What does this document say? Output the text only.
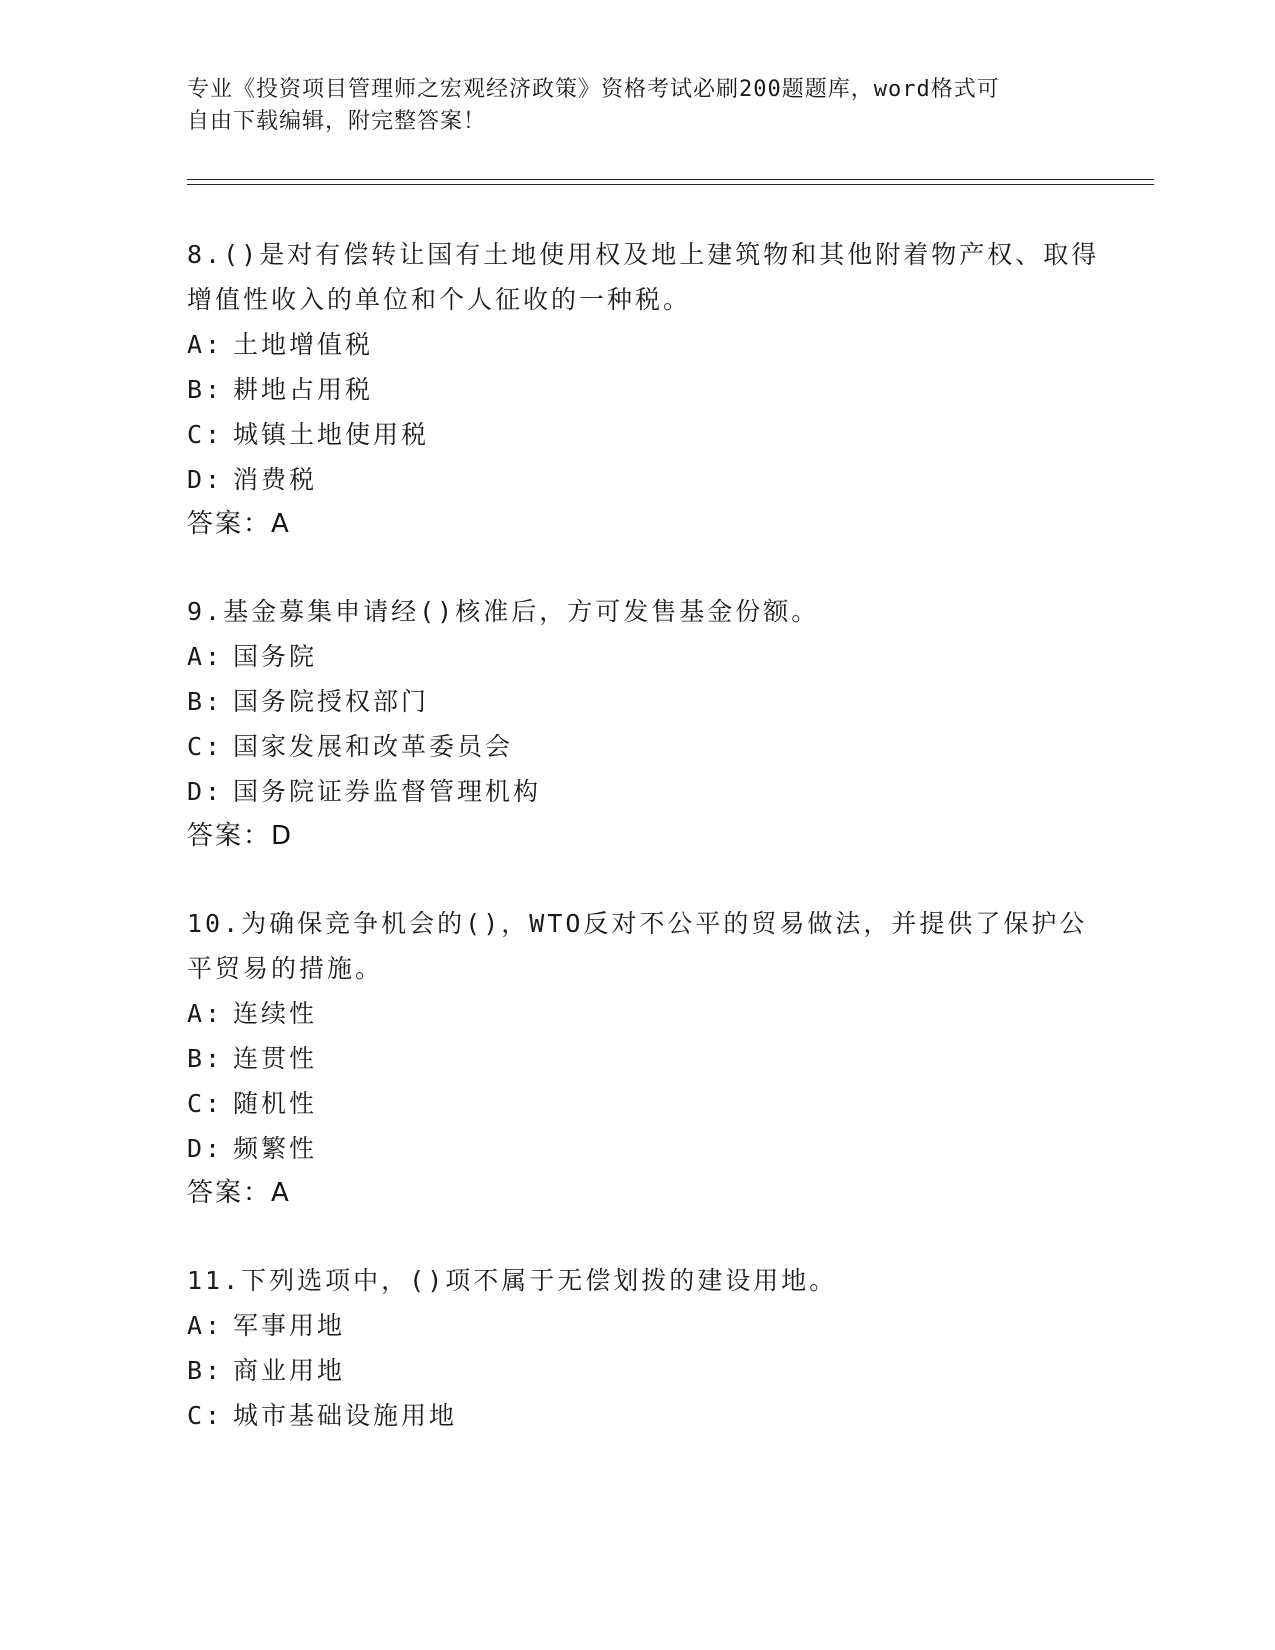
专业《投资项目管理师之宏观经济政策》资格考试必刷200题题库，word格式可
自由下载编辑，附完整答案！

8.()是对有偿转让国有土地使用权及地上建筑物和其他附着物产权、取得增值性收入的单位和个人征收的一种税。

A: 土地增值税
B: 耕地占用税
C: 城镇土地使用税
D: 消费税
答案：A

9.基金募集申请经()核准后，方可发售基金份额。

A: 国务院
B: 国务院授权部门
C: 国家发展和改革委员会
D: 国务院证券监督管理机构
答案：D

10.为确保竞争机会的()，WTO反对不公平的贸易做法，并提供了保护公平贸易的措施。

A: 连续性
B: 连贯性
C: 随机性
D: 频繁性
答案：A

11.下列选项中，()项不属于无偿划拨的建设用地。

A: 军事用地
B: 商业用地
C: 城市基础设施用地
